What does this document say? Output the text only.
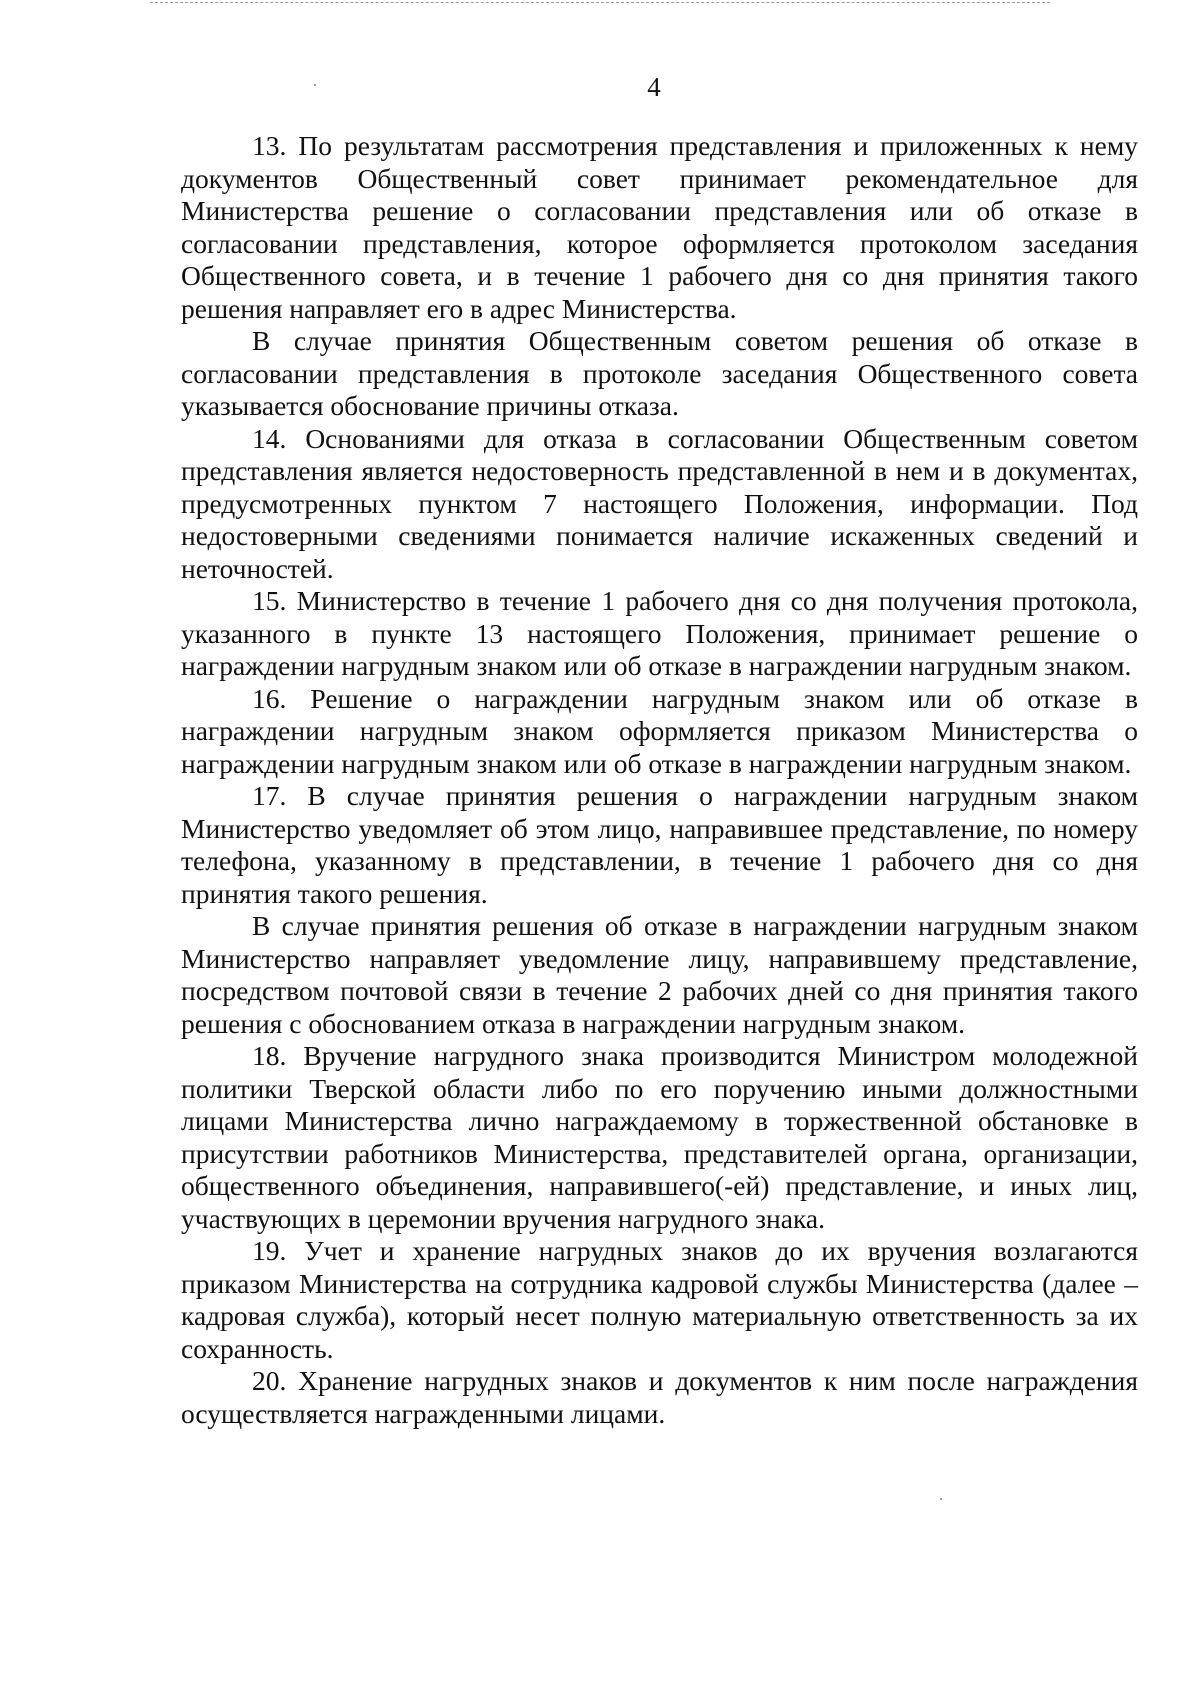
4

13. По результатам рассмотрения представления и приложенных к нему документов Общественный совет принимает рекомендательное для Министерства решение о согласовании представления или об отказе в согласовании представления, которое оформляется протоколом заседания Общественного совета, и в течение 1 рабочего дня со дня принятия такого решения направляет его в адрес Министерства.

В случае принятия Общественным советом решения об отказе в согласовании представления в протоколе заседания Общественного совета указывается обоснование причины отказа.

14. Основаниями для отказа в согласовании Общественным советом представления является недостоверность представленной в нем и в документах, предусмотренных пунктом 7 настоящего Положения, информации. Под недостоверными сведениями понимается наличие искаженных сведений и неточностей.

15. Министерство в течение 1 рабочего дня со дня получения протокола, указанного в пункте 13 настоящего Положения, принимает решение о награждении нагрудным знаком или об отказе в награждении нагрудным знаком.

16. Решение о награждении нагрудным знаком или об отказе в награждении нагрудным знаком оформляется приказом Министерства о награждении нагрудным знаком или об отказе в награждении нагрудным знаком.

17. В случае принятия решения о награждении нагрудным знаком Министерство уведомляет об этом лицо, направившее представление, по номеру телефона, указанному в представлении, в течение 1 рабочего дня со дня принятия такого решения.

В случае принятия решения об отказе в награждении нагрудным знаком Министерство направляет уведомление лицу, направившему представление, посредством почтовой связи в течение 2 рабочих дней со дня принятия такого решения с обоснованием отказа в награждении нагрудным знаком.

18. Вручение нагрудного знака производится Министром молодежной политики Тверской области либо по его поручению иными должностными лицами Министерства лично награждаемому в торжественной обстановке в присутствии работников Министерства, представителей органа, организации, общественного объединения, направившего(-ей) представление, и иных лиц, участвующих в церемонии вручения нагрудного знака.

19. Учет и хранение нагрудных знаков до их вручения возлагаются приказом Министерства на сотрудника кадровой службы Министерства (далее – кадровая служба), который несет полную материальную ответственность за их сохранность.

20. Хранение нагрудных знаков и документов к ним после награждения осуществляется награжденными лицами.
